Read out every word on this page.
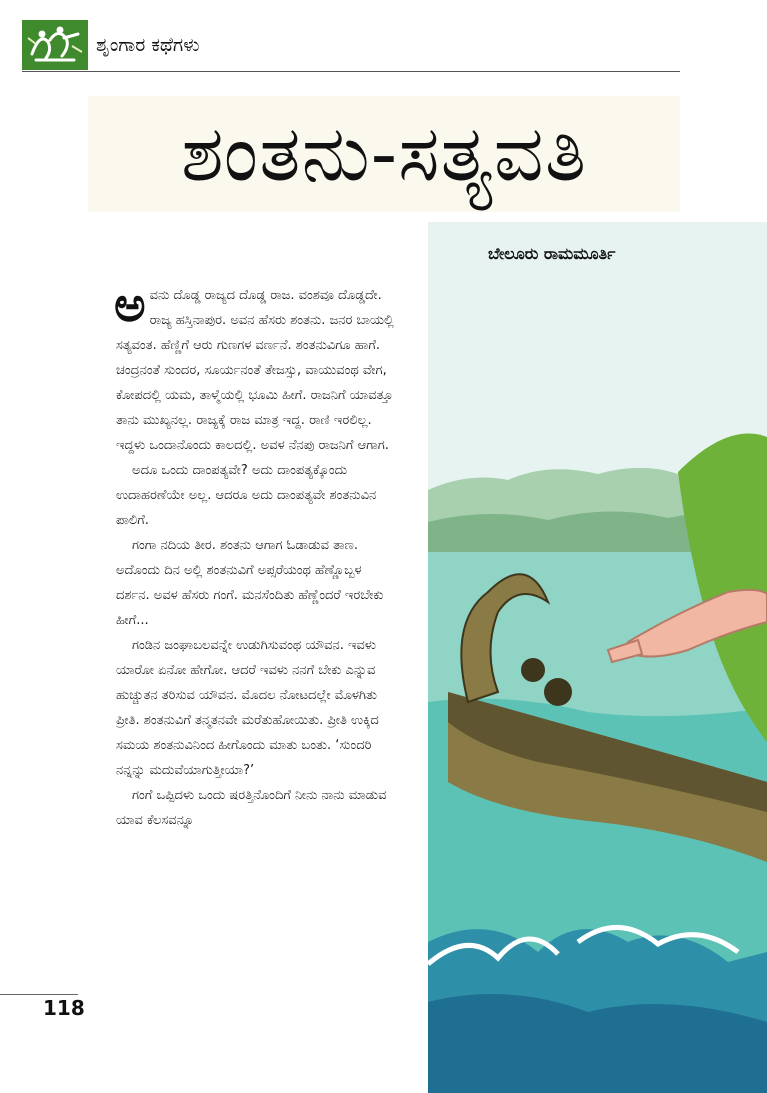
ಶೃಂಗಾರ ಕಥೆಗಳು
ಶಂತನು-ಸತ್ಯವತಿ
ಬೇಲೂರು ರಾಮಮೂರ್ತಿ

ಅವನು ದೊಡ್ಡ ರಾಜ್ಯದ ದೊಡ್ಡ ರಾಜ. ವಂಶವೂ ದೊಡ್ಡದೇ. ರಾಜ್ಯ ಹಸ್ತಿನಾಪುರ. ಅವನ ಹೆಸರು ಶಂತನು. ಜನರ ಬಾಯಲ್ಲಿ ಸತ್ಯವಂತ. ಹೆಣ್ಣಿಗೆ ಆರು ಗುಣಗಳ ವರ್ಣನೆ. ಶಂತನುವಿಗೂ ಹಾಗೆ. ಚಂದ್ರನಂತೆ ಸುಂದರ, ಸೂರ್ಯನಂತೆ ತೇಜಸ್ಸು, ವಾಯುವಂಥ ವೇಗ, ಕೋಪದಲ್ಲಿ ಯಮ, ತಾಳ್ಮೆಯಲ್ಲಿ ಭೂಮಿ ಹೀಗೆ. ರಾಜನಿಗೆ ಯಾವತ್ತೂ ತಾನು ಮುಖ್ಯನಲ್ಲ. ರಾಜ್ಯಕ್ಕೆ ರಾಜ ಮಾತ್ರ ಇದ್ದ. ರಾಣಿ ಇರಲಿಲ್ಲ. ಇದ್ದಳು ಒಂದಾನೊಂದು ಕಾಲದಲ್ಲಿ. ಅವಳ ನೆನಪು ರಾಜನಿಗೆ ಆಗಾಗ.

ಅದೂ ಒಂದು ದಾಂಪತ್ಯವೇ? ಅದು ದಾಂಪತ್ಯಕ್ಕೊಂದು ಉದಾಹರಣೆಯೇ ಅಲ್ಲ. ಆದರೂ ಅದು ದಾಂಪತ್ಯವೇ ಶಂತನುವಿನ ಪಾಲಿಗೆ.

ಗಂಗಾ ನದಿಯ ತೀರ. ಶಂತನು ಆಗಾಗ ಓಡಾಡುವ ತಾಣ. ಅದೊಂದು ದಿನ ಅಲ್ಲಿ ಶಂತನುವಿಗೆ ಅಪ್ಸರೆಯಂಥ ಹೆಣ್ಣೊಬ್ಬಳ ದರ್ಶನ. ಅವಳ ಹೆಸರು ಗಂಗೆ. ಮನಸೆಂದಿತು ಹೆಣ್ಣೆಂದರೆ ಇರಬೇಕು ಹೀಗೆ...

ಗಂಡಿನ ಜಂಘಾಬಲವನ್ನೇ ಉಡುಗಿಸುವಂಥ ಯೌವನ. ಇವಳು ಯಾರೋ ಏನೋ ಹೇಗೋ. ಆದರೆ ಇವಳು ನನಗೆ ಬೇಕು ಎನ್ನುವ ಹುಚ್ಚುತನ ತರಿಸುವ ಯೌವನ. ಮೊದಲ ನೋಟದಲ್ಲೇ ಮೊಳಗಿತು ಪ್ರೀತಿ. ಶಂತನುವಿಗೆ ತನ್ಮತನವೇ ಮರೆತುಹೋಯಿತು. ಪ್ರೀತಿ ಉಕ್ಕಿದ ಸಮಯ ಶಂತನುವಿನಿಂದ ಹೀಗೊಂದು ಮಾತು ಬಂತು. ‘ಸುಂದರಿ ನನ್ನನ್ನು ಮದುವೆಯಾಗುತ್ತೀಯಾ?’

ಗಂಗೆ ಒಪ್ಪಿದಳು ಒಂದು ಷರತ್ತಿನೊಂದಿಗೆ ನೀನು ನಾನು ಮಾಡುವ ಯಾವ ಕೆಲಸವನ್ನೂ

118
